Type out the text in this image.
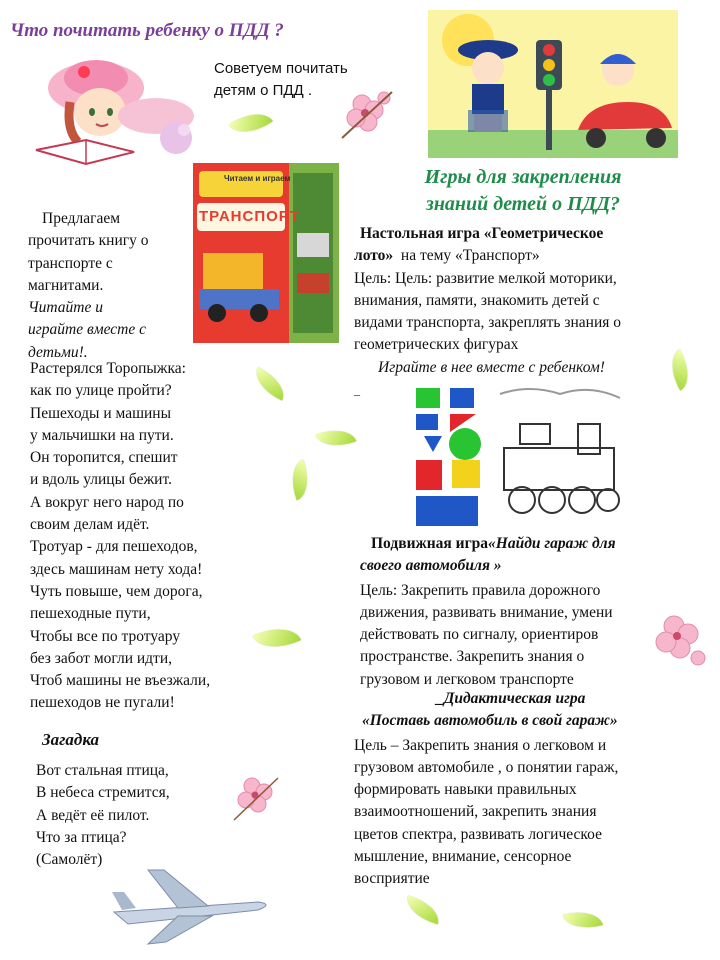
Что почитать ребенку о ПДД ?
Советуем почитать
детям о ПДД .
Читаем и играем
ТРАНСПОРТ
Предлагаем
прочитать книгу о
транспорте с
магнитами.
Читайте и
играйте вместе с
детьми!.
Растерялся Торопыжка:
как по улице пройти?
Пешеходы и машины
у мальчишки на пути.
Он торопится, спешит
и вдоль улицы бежит.
А вокруг него народ по
своим делам идёт.
Тротуар - для пешеходов,
здесь машинам нету хода!
Чуть повыше, чем дорога,
пешеходные пути,
Чтобы все по тротуару
без забот могли идти,
Чтоб машины не въезжали,
пешеходов не пугали!
Игры для закрепления
знаний детей о ПДД?
Настольная игра «Геометрическое
лото» на тему «Транспорт»
Цель: Цель: развитие мелкой моторики,
внимания, памяти, знакомить детей с
видами транспорта, закреплять знания о
геометрических фигурах
Играйте в нее вместе с ребенком!
_
Подвижная игра«Найди гараж для
своего автомобиля »
Цель: Закрепить правила дорожного
движения, развивать внимание, умени
действовать по сигналу, ориентиров
пространстве. Закрепить знания о
грузовом и легковом транспорте
_Дидактическая игра
«Поставь автомобиль в свой гараж»
Цель – Закрепить знания о легковом и
грузовом автомобиле , о понятии гараж,
формировать навыки правильных
взаимоотношений, закрепить знания
цветов спектра, развивать логическое
мышление, внимание, сенсорное
восприятие
Загадка
Вот стальная птица,
В небеса стремится,
А ведёт её пилот.
Что за птица?
(Самолёт)
